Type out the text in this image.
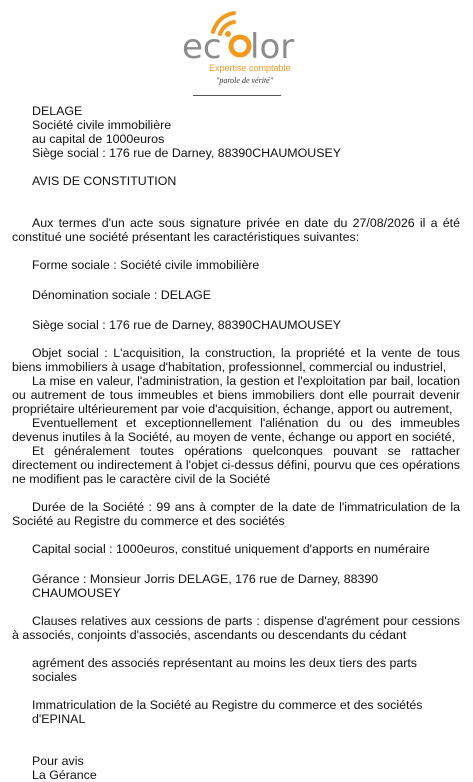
ec lor
Expertise comptable
"parole de vérité"

DELAGE

Société civile immobilière

au capital de 1000euros

Siège social : 176 rue de Darney, 88390CHAUMOUSEY

AVIS DE CONSTITUTION

Aux termes d'un acte sous signature privée en date du 27/08/2026 il a été constitué une société présentant les caractéristiques suivantes:

Forme sociale : Société civile immobilière

Dénomination sociale : DELAGE

Siège social : 176 rue de Darney, 88390CHAUMOUSEY

Objet social : L'acquisition, la construction, la propriété et la vente de tous biens immobiliers à usage d'habitation, professionnel, commercial ou industriel,

La mise en valeur, l'administration, la gestion et l'exploitation par bail, location ou autrement de tous immeubles et biens immobiliers dont elle pourrait devenir propriétaire ultérieurement par voie d'acquisition, échange, apport ou autrement,

Eventuellement et exceptionnellement l'aliénation du ou des immeubles devenus inutiles à la Société, au moyen de vente, échange ou apport en société,

Et généralement toutes opérations quelconques pouvant se rattacher directement ou indirectement à l'objet ci-dessus défini, pourvu que ces opérations ne modifient pas le caractère civil de la Société

Durée de la Société : 99 ans à compter de la date de l'immatriculation de la Société au Registre du commerce et des sociétés

Capital social : 1000euros, constitué uniquement d'apports en numéraire

Gérance : Monsieur Jorris DELAGE, 176 rue de Darney, 88390 CHAUMOUSEY

Clauses relatives aux cessions de parts : dispense d'agrément pour cessions à associés, conjoints d'associés, ascendants ou descendants du cédant

agrément des associés représentant au moins les deux tiers des parts sociales

Immatriculation de la Société au Registre du commerce et des sociétés d'EPINAL

Pour avis

La Gérance
